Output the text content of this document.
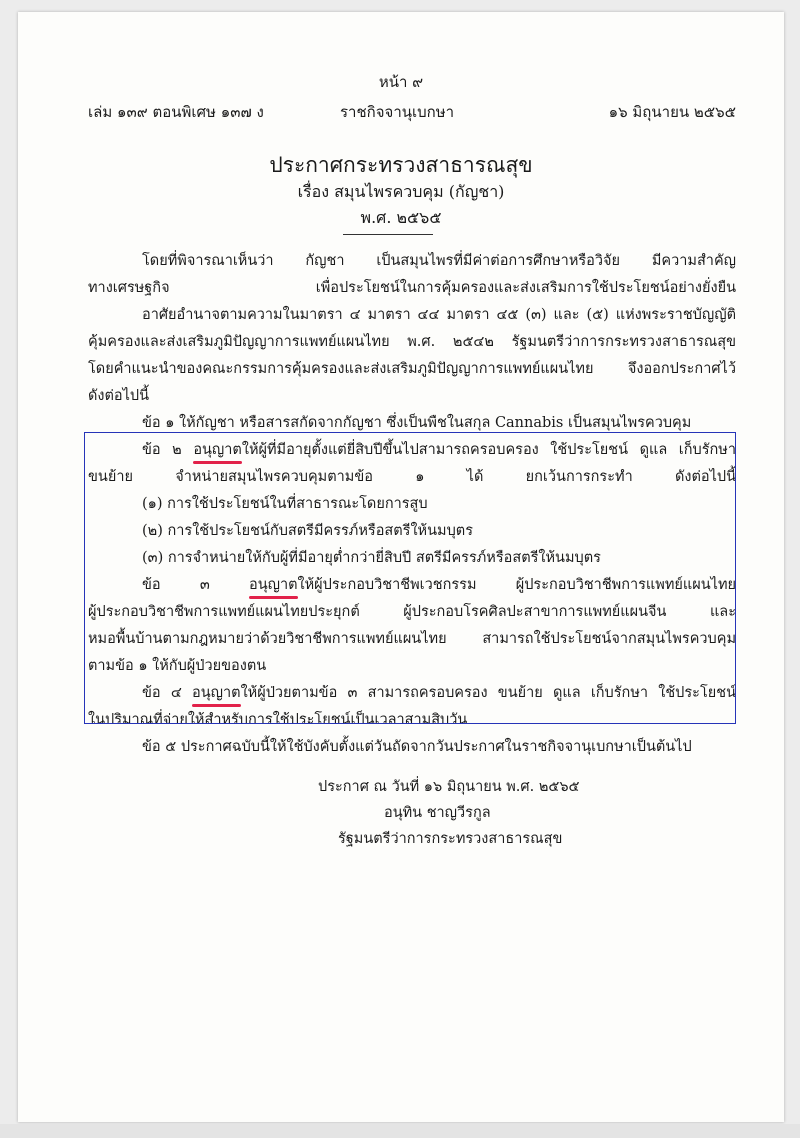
หน้า ๙
เล่ม ๑๓๙ ตอนพิเศษ ๑๓๗ ง	ราชกิจจานุเบกษา	๑๖ มิถุนายน ๒๕๖๕
ประกาศกระทรวงสาธารณสุข
เรื่อง สมุนไพรควบคุม (กัญชา)
พ.ศ. ๒๕๖๕

โดยที่พิจารณาเห็นว่า กัญชา เป็นสมุนไพรที่มีค่าต่อการศึกษาหรือวิจัย มีความสำคัญ

ทางเศรษฐกิจ เพื่อประโยชน์ในการคุ้มครองและส่งเสริมการใช้ประโยชน์อย่างยั่งยืน

อาศัยอำนาจตามความในมาตรา ๔ มาตรา ๔๔ มาตรา ๔๕ (๓) และ (๕) แห่งพระราชบัญญัติ

คุ้มครองและส่งเสริมภูมิปัญญาการแพทย์แผนไทย พ.ศ. ๒๕๔๒ รัฐมนตรีว่าการกระทรวงสาธารณสุข

โดยคำแนะนำของคณะกรรมการคุ้มครองและส่งเสริมภูมิปัญญาการแพทย์แผนไทย จึงออกประกาศไว้

ดังต่อไปนี้

ข้อ ๑ ให้กัญชา หรือสารสกัดจากกัญชา ซึ่งเป็นพืชในสกุล Cannabis เป็นสมุนไพรควบคุม

ข้อ ๒ อนุญาตให้ผู้ที่มีอายุตั้งแต่ยี่สิบปีขึ้นไปสามารถครอบครอง ใช้ประโยชน์ ดูแล เก็บรักษา

ขนย้าย จำหน่ายสมุนไพรควบคุมตามข้อ ๑ ได้ ยกเว้นการกระทำ ดังต่อไปนี้

(๑) การใช้ประโยชน์ในที่สาธารณะโดยการสูบ

(๒) การใช้ประโยชน์กับสตรีมีครรภ์หรือสตรีให้นมบุตร

(๓) การจำหน่ายให้กับผู้ที่มีอายุต่ำกว่ายี่สิบปี สตรีมีครรภ์หรือสตรีให้นมบุตร

ข้อ ๓ อนุญาตให้ผู้ประกอบวิชาชีพเวชกรรม ผู้ประกอบวิชาชีพการแพทย์แผนไทย

ผู้ประกอบวิชาชีพการแพทย์แผนไทยประยุกต์ ผู้ประกอบโรคศิลปะสาขาการแพทย์แผนจีน และ

หมอพื้นบ้านตามกฎหมายว่าด้วยวิชาชีพการแพทย์แผนไทย สามารถใช้ประโยชน์จากสมุนไพรควบคุม

ตามข้อ ๑ ให้กับผู้ป่วยของตน

ข้อ ๔ อนุญาตให้ผู้ป่วยตามข้อ ๓ สามารถครอบครอง ขนย้าย ดูแล เก็บรักษา ใช้ประโยชน์

ในปริมาณที่จ่ายให้สำหรับการใช้ประโยชน์เป็นเวลาสามสิบวัน

ข้อ ๕ ประกาศฉบับนี้ให้ใช้บังคับตั้งแต่วันถัดจากวันประกาศในราชกิจจานุเบกษาเป็นต้นไป

ประกาศ ณ วันที่ ๑๖ มิถุนายน พ.ศ. ๒๕๖๕
อนุทิน ชาญวีรกูล
รัฐมนตรีว่าการกระทรวงสาธารณสุข
